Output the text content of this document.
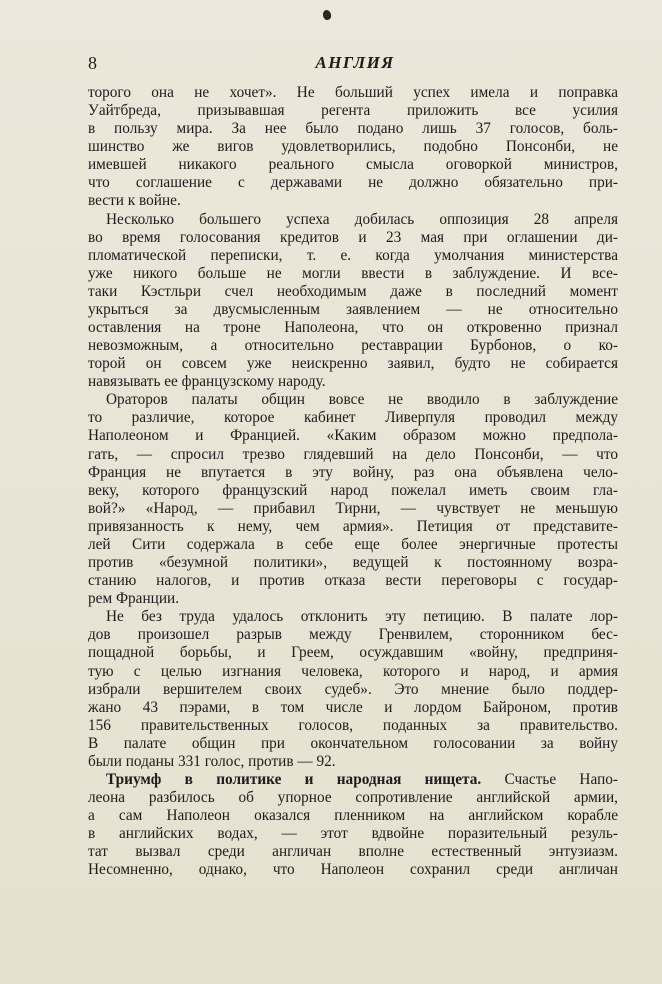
8	АНГЛИЯ
торого она не хочет». Не больший успех имела и поправка
Уайтбреда, призывавшая регента приложить все усилия
в пользу мира. За нее было подано лишь 37 голосов, боль-
шинство же вигов удовлетворились, подобно Понсонби, не
имевшей никакого реального смысла оговоркой министров,
что соглашение с державами не должно обязательно при-
вести к войне.
Несколько большего успеха добилась оппозиция 28 апреля
во время голосования кредитов и 23 мая при оглашении ди-
пломатической переписки, т. е. когда умолчания министерства
уже никого больше не могли ввести в заблуждение. И все-
таки Кэстльри счел необходимым даже в последний момент
укрыться за двусмысленным заявлением — не относительно
оставления на троне Наполеона, что он откровенно признал
невозможным, а относительно реставрации Бурбонов, о ко-
торой он совсем уже неискренно заявил, будто не собирается
навязывать ее французскому народу.
Ораторов палаты общин вовсе не вводило в заблуждение
то различие, которое кабинет Ливерпуля проводил между
Наполеоном и Францией. «Каким образом можно предпола-
гать, — спросил трезво глядевший на дело Понсонби, — что
Франция не впутается в эту войну, раз она объявлена чело-
веку, которого французский народ пожелал иметь своим гла-
вой?» «Народ, — прибавил Тирни, — чувствует не меньшую
привязанность к нему, чем армия». Петиция от представите-
лей Сити содержала в себе еще более энергичные протесты
против «безумной политики», ведущей к постоянному возра-
станию налогов, и против отказа вести переговоры с государ-
рем Франции.
Не без труда удалось отклонить эту петицию. В палате лор-
дов произошел разрыв между Гренвилем, сторонником бес-
пощадной борьбы, и Греем, осуждавшим «войну, предприня-
тую с целью изгнания человека, которого и народ, и армия
избрали вершителем своих судеб». Это мнение было поддер-
жано 43 пэрами, в том числе и лордом Байроном, против
156 правительственных голосов, поданных за правительство.
В палате общин при окончательном голосовании за войну
были поданы 331 голос, против — 92.
Триумф в политике и народная нищета. Счастье Напо-
леона разбилось об упорное сопротивление английской армии,
а сам Наполеон оказался пленником на английском корабле
в английских водах, — этот вдвойне поразительный резуль-
тат вызвал среди англичан вполне естественный энтузиазм.
Несомненно, однако, что Наполеон сохранил среди англичан
